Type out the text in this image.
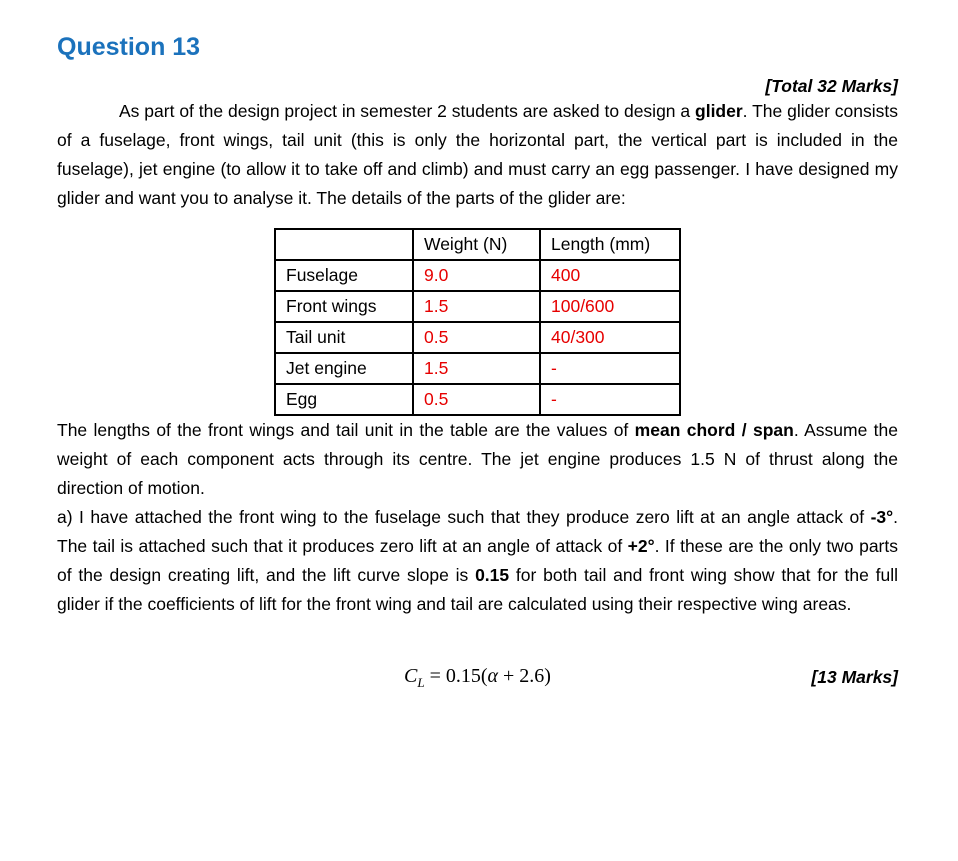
Question 13
[Total 32 Marks]

As part of the design project in semester 2 students are asked to design a glider. The glider consists of a fuselage, front wings, tail unit (this is only the horizontal part, the vertical part is included in the fuselage), jet engine (to allow it to take off and climb) and must carry an egg passenger. I have designed my glider and want you to analyse it. The details of the parts of the glider are:

	Weight (N)	Length (mm)
Fuselage	9.0	400
Front wings	1.5	100/600
Tail unit	0.5	40/300
Jet engine	1.5	-
Egg	0.5	-

The lengths of the front wings and tail unit in the table are the values of mean chord / span. Assume the weight of each component acts through its centre. The jet engine produces 1.5 N of thrust along the direction of motion.

a) I have attached the front wing to the fuselage such that they produce zero lift at an angle attack of -3°. The tail is attached such that it produces zero lift at an angle of attack of +2°. If these are the only two parts of the design creating lift, and the lift curve slope is 0.15 for both tail and front wing show that for the full glider if the coefficients of lift for the front wing and tail are calculated using their respective wing areas.

$C_L = 0.15(\alpha + 2.6)$	[13 Marks]
